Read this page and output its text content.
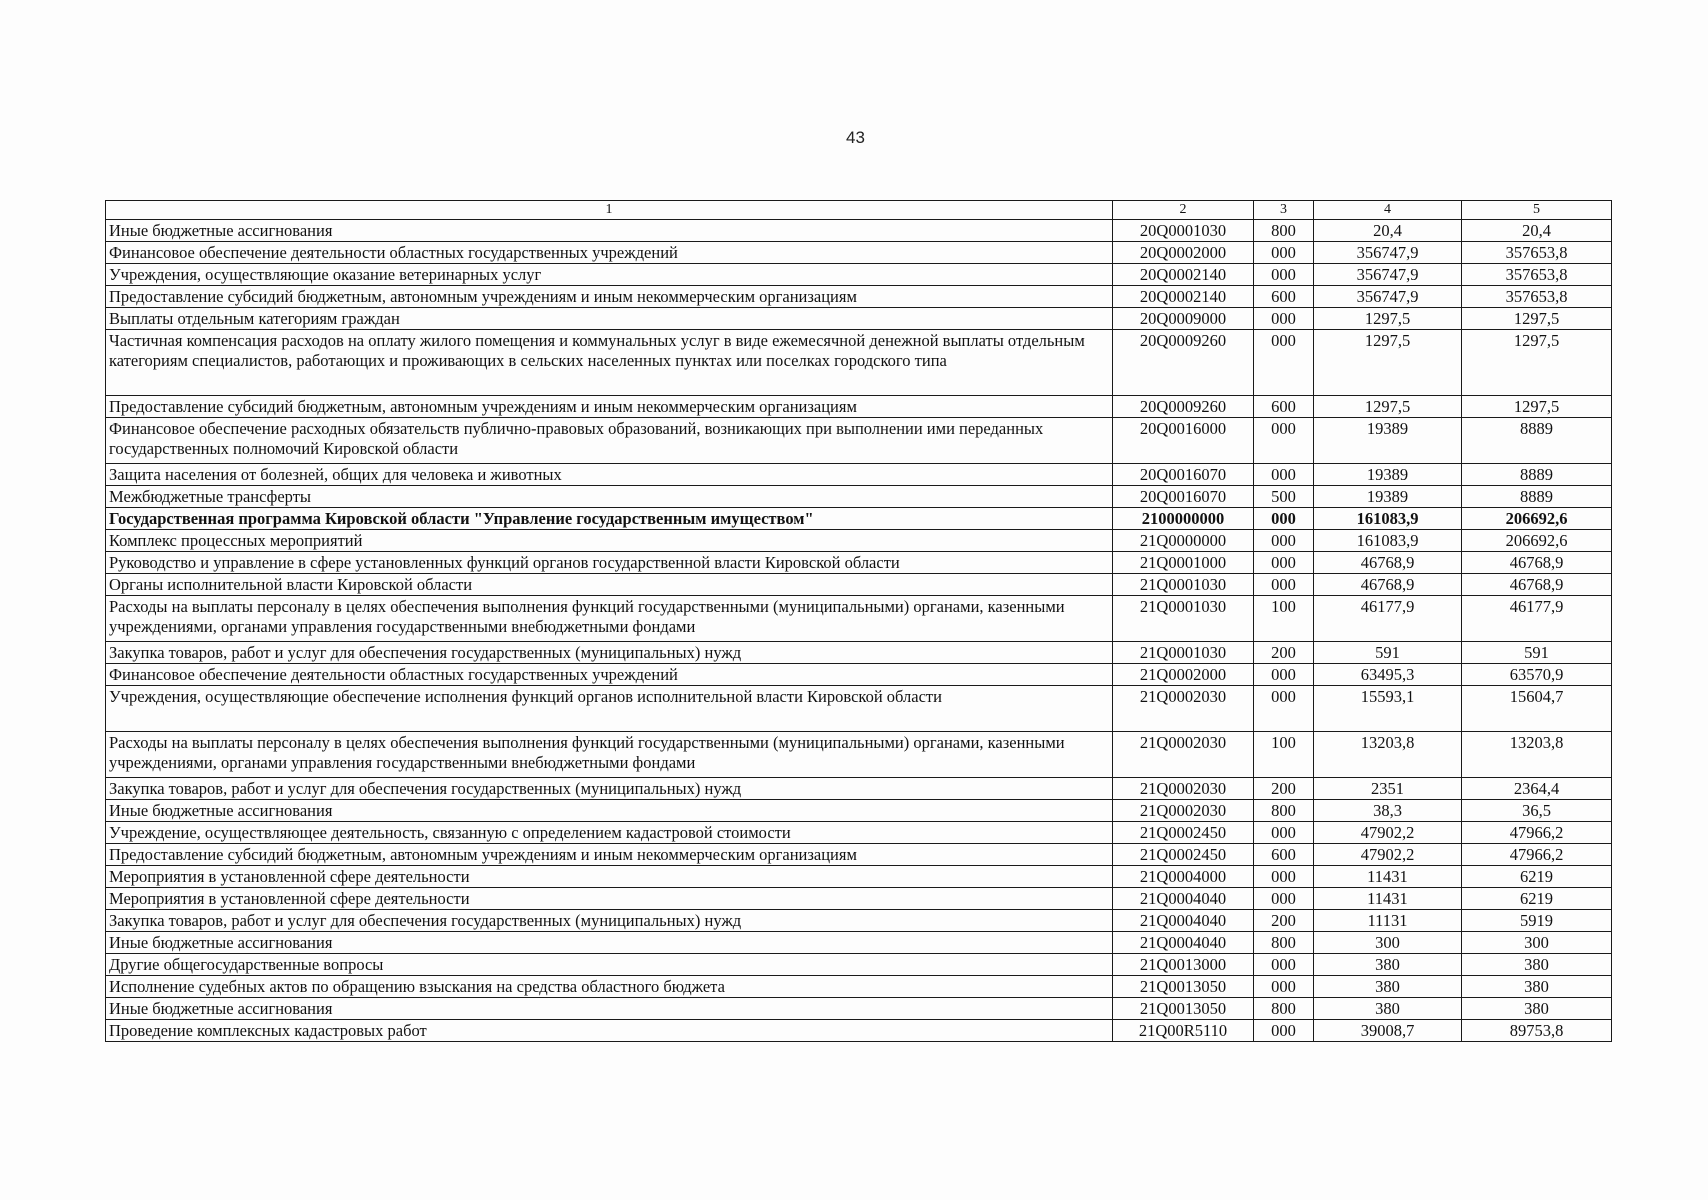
43
1	2	3	4	5
Иные бюджетные ассигнования	20Q0001030	800	20,4	20,4
Финансовое обеспечение деятельности областных государственных учреждений	20Q0002000	000	356747,9	357653,8
Учреждения, осуществляющие оказание ветеринарных услуг	20Q0002140	000	356747,9	357653,8
Предоставление субсидий бюджетным, автономным учреждениям и иным некоммерческим организациям	20Q0002140	600	356747,9	357653,8
Выплаты отдельным категориям граждан	20Q0009000	000	1297,5	1297,5
Частичная компенсация расходов на оплату жилого помещения и коммунальных услуг в виде ежемесячной денежной выплаты отдельным категориям специалистов, работающих и проживающих в сельских населенных пунктах или поселках городского типа	20Q0009260	000	1297,5	1297,5
Предоставление субсидий бюджетным, автономным учреждениям и иным некоммерческим организациям	20Q0009260	600	1297,5	1297,5
Финансовое обеспечение расходных обязательств публично-правовых образований, возникающих при выполнении ими переданных государственных полномочий Кировской области	20Q0016000	000	19389	8889
Защита населения от болезней, общих для человека и животных	20Q0016070	000	19389	8889
Межбюджетные трансферты	20Q0016070	500	19389	8889
Государственная программа Кировской области "Управление государственным имуществом"	2100000000	000	161083,9	206692,6
Комплекс процессных мероприятий	21Q0000000	000	161083,9	206692,6
Руководство и управление в сфере установленных функций органов государственной власти Кировской области	21Q0001000	000	46768,9	46768,9
Органы исполнительной власти Кировской области	21Q0001030	000	46768,9	46768,9
Расходы на выплаты персоналу в целях обеспечения выполнения функций государственными (муниципальными) органами, казенными учреждениями, органами управления государственными внебюджетными фондами	21Q0001030	100	46177,9	46177,9
Закупка товаров, работ и услуг для обеспечения государственных (муниципальных) нужд	21Q0001030	200	591	591
Финансовое обеспечение деятельности областных государственных учреждений	21Q0002000	000	63495,3	63570,9
Учреждения, осуществляющие обеспечение исполнения функций органов исполнительной власти Кировской области	21Q0002030	000	15593,1	15604,7
Расходы на выплаты персоналу в целях обеспечения выполнения функций государственными (муниципальными) органами, казенными учреждениями, органами управления государственными внебюджетными фондами	21Q0002030	100	13203,8	13203,8
Закупка товаров, работ и услуг для обеспечения государственных (муниципальных) нужд	21Q0002030	200	2351	2364,4
Иные бюджетные ассигнования	21Q0002030	800	38,3	36,5
Учреждение, осуществляющее деятельность, связанную с определением кадастровой стоимости	21Q0002450	000	47902,2	47966,2
Предоставление субсидий бюджетным, автономным учреждениям и иным некоммерческим организациям	21Q0002450	600	47902,2	47966,2
Мероприятия в установленной сфере деятельности	21Q0004000	000	11431	6219
Мероприятия в установленной сфере деятельности	21Q0004040	000	11431	6219
Закупка товаров, работ и услуг для обеспечения государственных (муниципальных) нужд	21Q0004040	200	11131	5919
Иные бюджетные ассигнования	21Q0004040	800	300	300
Другие общегосударственные вопросы	21Q0013000	000	380	380
Исполнение судебных актов по обращению взыскания на средства областного бюджета	21Q0013050	000	380	380
Иные бюджетные ассигнования	21Q0013050	800	380	380
Проведение комплексных кадастровых работ	21Q00R5110	000	39008,7	89753,8
